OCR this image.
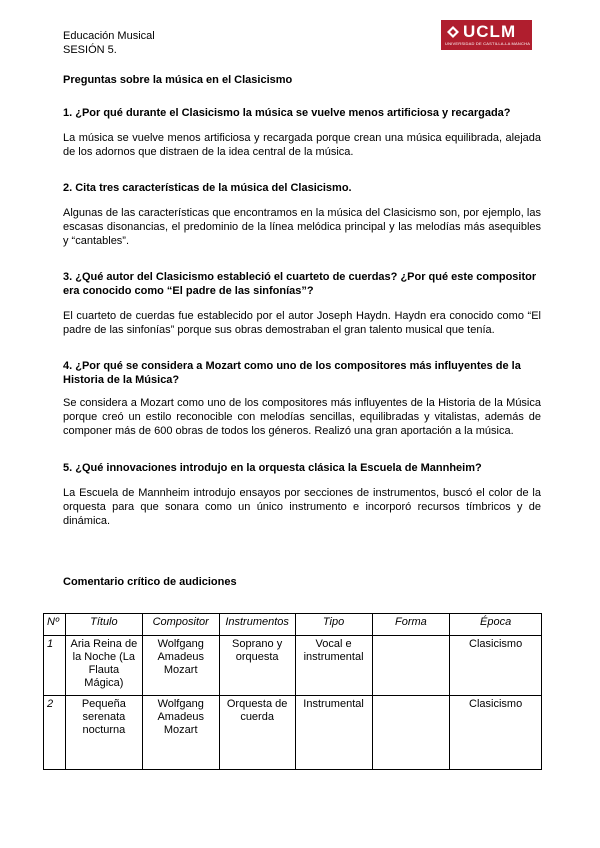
Educación Musical
SESIÓN 5.
UCLM
UNIVERSIDAD DE CASTILLA-LA MANCHA
Preguntas sobre la música en el Clasicismo
1. ¿Por qué durante el Clasicismo la música se vuelve menos artificiosa y recargada?
La música se vuelve menos artificiosa y recargada porque crean una música equilibrada, alejada de los adornos que distraen de la idea central de la música.
2. Cita tres características de la música del Clasicismo.
Algunas de las características que encontramos en la música del Clasicismo son, por ejemplo, las escasas disonancias, el predominio de la línea melódica principal y las melodías más asequibles y “cantables”.
3. ¿Qué autor del Clasicismo estableció el cuarteto de cuerdas? ¿Por qué este compositor era conocido como “El padre de las sinfonías”?
El cuarteto de cuerdas fue establecido por el autor Joseph Haydn. Haydn era conocido como “El padre de las sinfonías” porque sus obras demostraban el gran talento musical que tenía.
4. ¿Por qué se considera a Mozart como uno de los compositores más influyentes de la Historia de la Música?
Se considera a Mozart como uno de los compositores más influyentes de la Historia de la Música porque creó un estilo reconocible con melodías sencillas, equilibradas y vitalistas, además de componer más de 600 obras de todos los géneros. Realizó una gran aportación a la música.
5. ¿Qué innovaciones introdujo en la orquesta clásica la Escuela de Mannheim?
La Escuela de Mannheim introdujo ensayos por secciones de instrumentos, buscó el color de la orquesta para que sonara como un único instrumento e incorporó recursos tímbricos y de dinámica.
Comentario crítico de audiciones
Nº	Título	Compositor	Instrumentos	Tipo	Forma	Época
1	Aria Reina de la Noche (La Flauta Mágica)	Wolfgang Amadeus Mozart	Soprano y orquesta	Vocal e instrumental		Clasicismo
2	Pequeña serenata nocturna	Wolfgang Amadeus Mozart	Orquesta de cuerda	Instrumental		Clasicismo
